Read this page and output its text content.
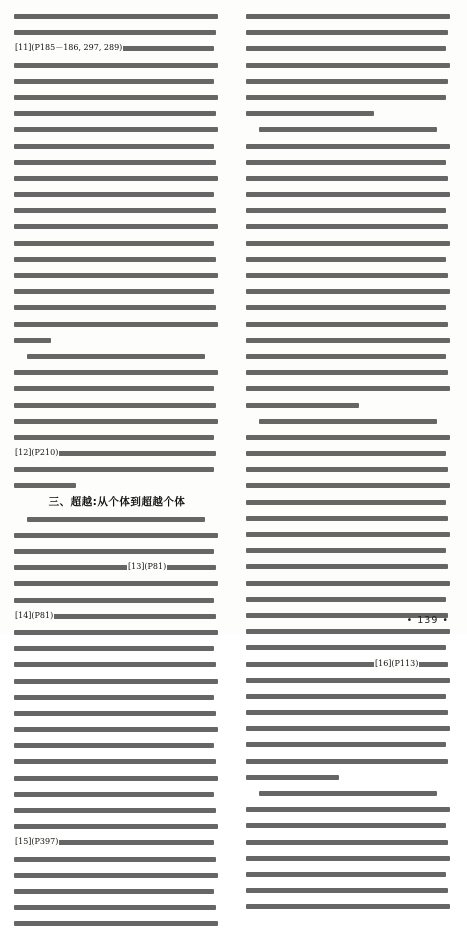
[11](P185－186, 297, 289)
[12](P210)
三、超越:从个体到超越个体
[13](P81)
[14](P81)
[15](P397)
[16](P113)
• 139 •
